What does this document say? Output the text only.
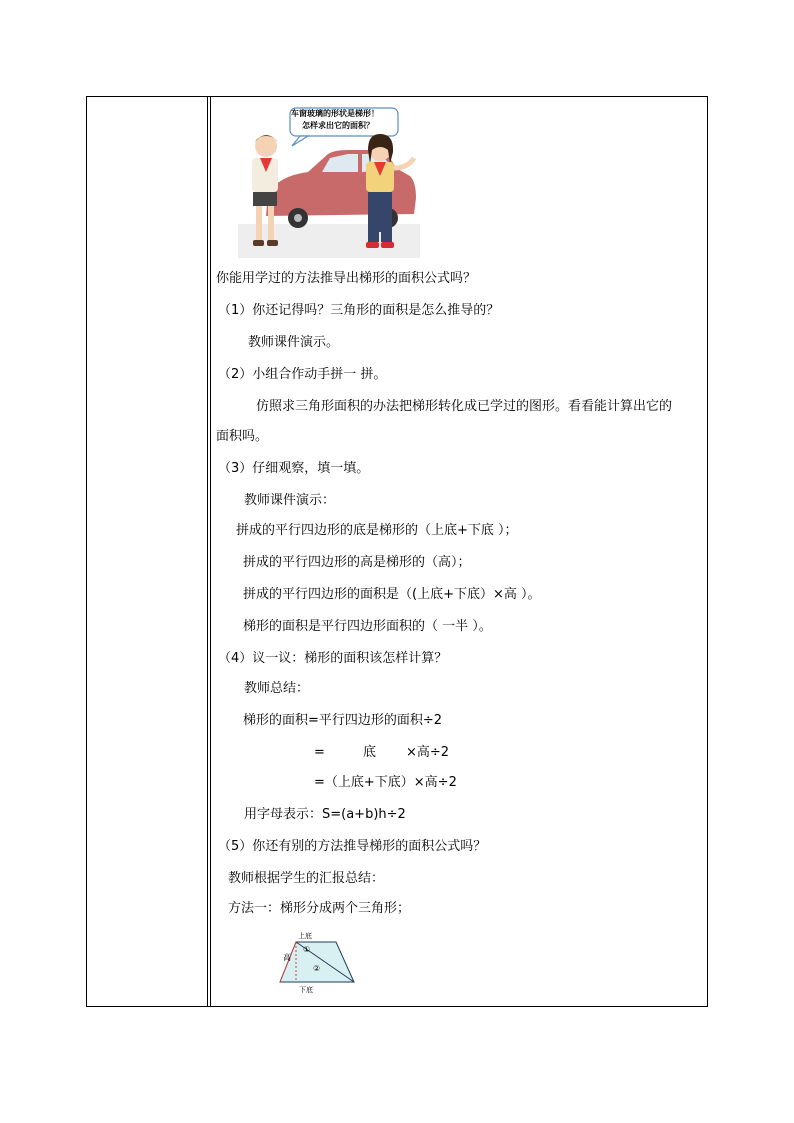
车窗玻璃的形状是梯形！
怎样求出它的面积？
你能用学过的方法推导出梯形的面积公式吗？
（1）你还记得吗？三角形的面积是怎么推导的？
教师课件演示。
（2）小组合作动手拼一 拼。
仿照求三角形面积的办法把梯形转化成已学过的图形。看看能计算出它的
面积吗。
（3）仔细观察，填一填。
教师课件演示：
拼成的平行四边形的底是梯形的（上底+下底 ）；
拼成的平行四边形的高是梯形的（高）；
拼成的平行四边形的面积是（(上底+下底）×高 ）。
梯形的面积是平行四边形面积的（ 一半 ）。
（4）议一议：梯形的面积该怎样计算？
教师总结：
梯形的面积=平行四边形的面积÷2
=	底 ×高÷2
=（上底+下底）×高÷2
用字母表示：S=(a+b)h÷2
（5）你还有别的方法推导梯形的面积公式吗？
教师根据学生的汇报总结：
方法一：梯形分成两个三角形；
上底
下底
高
①
②
